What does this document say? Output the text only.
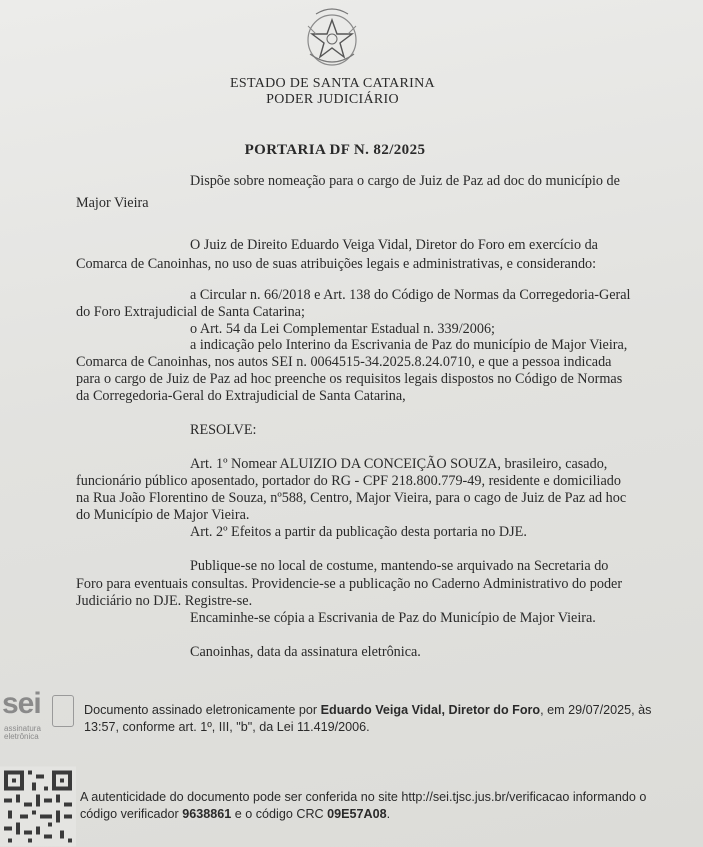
ESTADO DE SANTA CATARINA
PODER JUDICIÁRIO
PORTARIA DF N. 82/2025
Dispõe sobre nomeação para o cargo de Juiz de Paz ad doc do município de
Major Vieira
O Juiz de Direito Eduardo Veiga Vidal, Diretor do Foro em exercício da
Comarca de Canoinhas, no uso de suas atribuições legais e administrativas, e considerando:
a Circular n. 66/2018 e Art. 138 do Código de Normas da Corregedoria-Geral
do Foro Extrajudicial de Santa Catarina;
o Art. 54 da Lei Complementar Estadual n. 339/2006;
a indicação pelo Interino da Escrivania de Paz do município de Major Vieira,
Comarca de Canoinhas, nos autos SEI n. 0064515-34.2025.8.24.0710, e que a pessoa indicada
para o cargo de Juiz de Paz ad hoc preenche os requisitos legais dispostos no Código de Normas
da Corregedoria-Geral do Extrajudicial de Santa Catarina,
RESOLVE:
Art. 1º Nomear ALUIZIO DA CONCEIÇÃO SOUZA, brasileiro, casado,
funcionário público aposentado, portador do RG - CPF 218.800.779-49, residente e domiciliado
na Rua João Florentino de Souza, nº588, Centro, Major Vieira, para o cago de Juiz de Paz ad hoc
do Município de Major Vieira.
Art. 2º Efeitos a partir da publicação desta portaria no DJE.
Publique-se no local de costume, mantendo-se arquivado na Secretaria do
Foro para eventuais consultas. Providencie-se a publicação no Caderno Administrativo do poder
Judiciário no DJE. Registre-se.
Encaminhe-se cópia a Escrivania de Paz do Município de Major Vieira.
Canoinhas, data da assinatura eletrônica.
sei
assinatura
eletrônica
Documento assinado eletronicamente por Eduardo Veiga Vidal, Diretor do Foro, em 29/07/2025, às
13:57, conforme art. 1º, III, "b", da Lei 11.419/2006.
A autenticidade do documento pode ser conferida no site http://sei.tjsc.jus.br/verificacao informando o
código verificador 9638861 e o código CRC 09E57A08.
